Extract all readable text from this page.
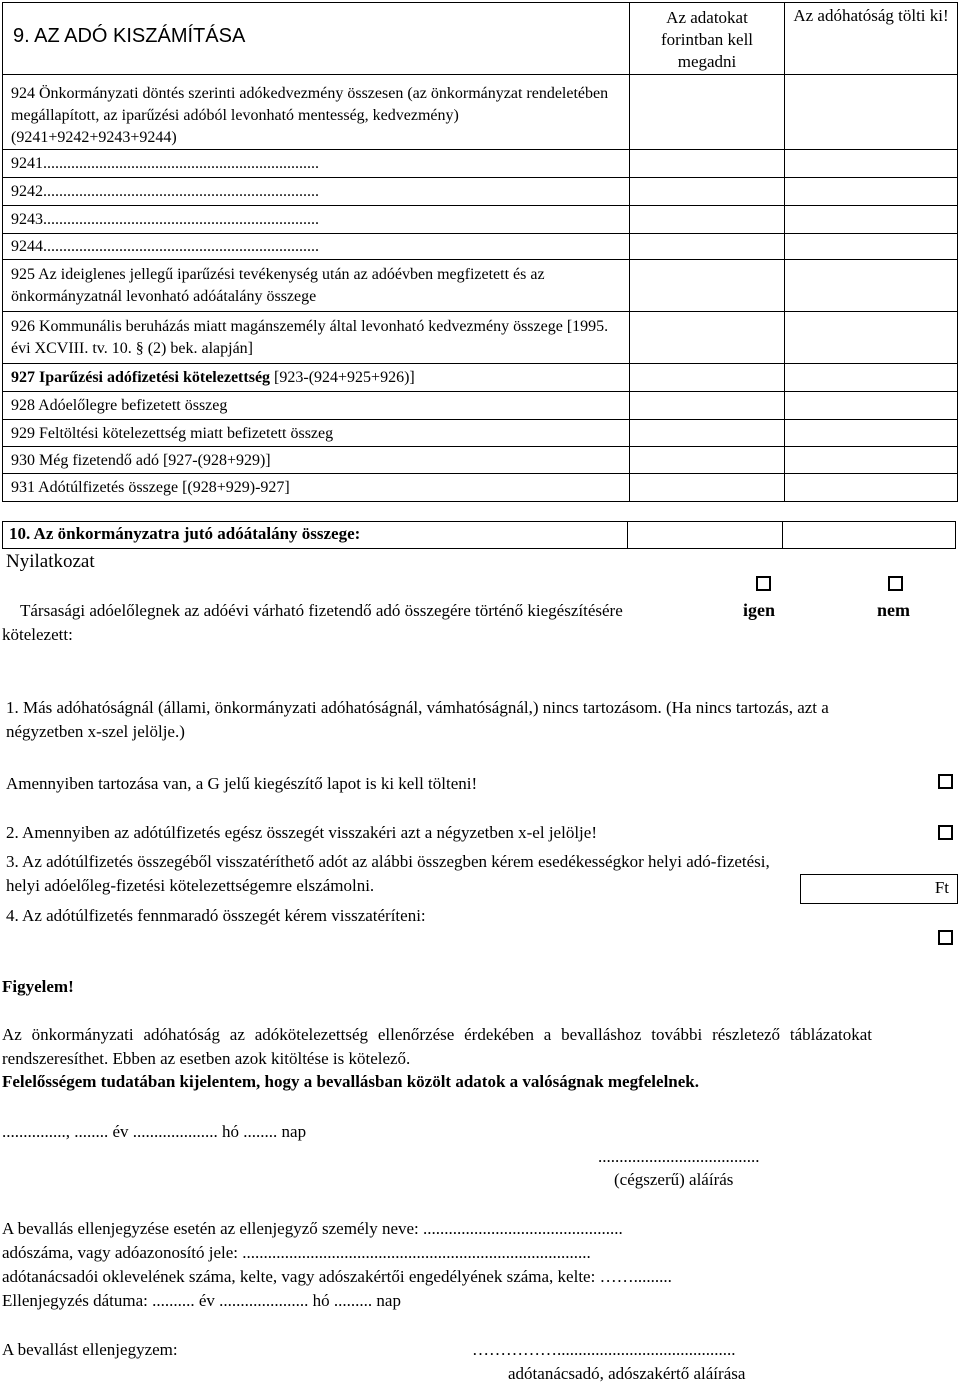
9. AZ ADÓ KISZÁMÍTÁSA	Az adatokat forintban kell megadni	Az adóhatóság tölti ki!

924 Önkormányzati döntés szerinti adókedvezmény összesen (az önkormányzat rendeletében megállapított, az iparűzési adóból levonható mentesség, kedvezmény) (9241+9242+9243+9244)		

9241.....................................................................		

9242.....................................................................		

9243.....................................................................		

9244.....................................................................		

925 Az ideiglenes jellegű iparűzési tevékenység után az adóévben megfizetett és az önkormányzatnál levonható adóátalány összege		

926 Kommunális beruházás miatt magánszemély által levonható kedvezmény összege [1995. évi XCVIII. tv. 10. § (2) bek. alapján]		

927 Iparűzési adófizetési kötelezettség [923-(924+925+926)]		

928 Adóelőlegre befizetett összeg		

929 Feltöltési kötelezettség miatt befizetett összeg		

930 Még fizetendő adó [927-(928+929)]		

931 Adótúlfizetés összege [(928+929)-927]		

10. Az önkormányzatra jutó adóátalány összege:
Nyilatkozat
Társasági adóelőlegnek az adóévi várható fizetendő adó összegére történő kiegészítésére kötelezett:
igen	nem
1. Más adóhatóságnál (állami, önkormányzati adóhatóságnál, vámhatóságnál,) nincs tartozásom. (Ha nincs tartozás, azt a négyzetben x-szel jelölje.)
Amennyiben tartozása van, a G jelű kiegészítő lapot is ki kell tölteni!
2. Amennyiben az adótúlfizetés egész összegét visszakéri azt a négyzetben x-el jelölje!
3. Az adótúlfizetés összegéből visszatéríthető adót az alábbi összegben kérem esedékességkor helyi adó-fizetési, helyi adóelőleg-fizetési kötelezettségemre elszámolni.	Ft
4. Az adótúlfizetés fennmaradó összegét kérem visszatéríteni:
Figyelem!
Az önkormányzati adóhatóság az adókötelezettség ellenőrzése érdekében a bevalláshoz további részletező táblázatokat rendszeresíthet. Ebben az esetben azok kitöltése is kötelező.
Felelősségem tudatában kijelentem, hogy a bevallásban közölt adatok a valóságnak megfelelnek.
..............., ........ év .................... hó ........ nap
......................................
(cégszerű) aláírás
A bevallás ellenjegyzése esetén az ellenjegyző személy neve: ...............................................
adószáma, vagy adóazonosító jele: ..................................................................................
adótanácsadói oklevelének száma, kelte, vagy adószakértői engedélyének száma, kelte: …….........
Ellenjegyzés dátuma: .......... év ..................... hó ......... nap
A bevallást ellenjegyzem:	……………..........................................
adótanácsadó, adószakértő aláírása
